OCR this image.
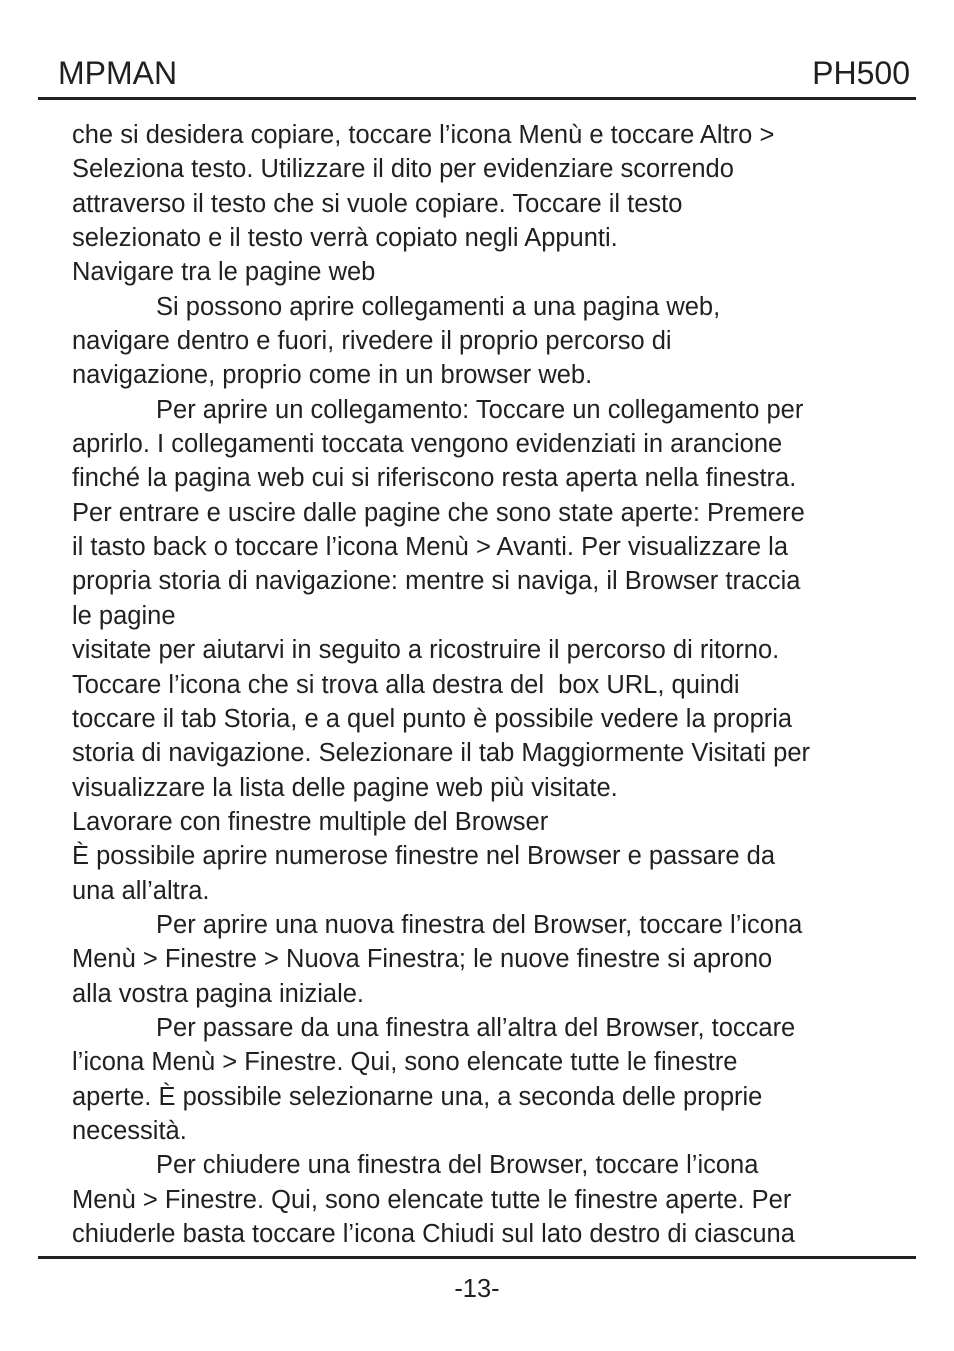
MPMAN	PH500
che si desidera copiare, toccare l’icona Menù e toccare Altro >
Seleziona testo. Utilizzare il dito per evidenziare scorrendo
attraverso il testo che si vuole copiare. Toccare il testo
selezionato e il testo verrà copiato negli Appunti.
Navigare tra le pagine web
Si possono aprire collegamenti a una pagina web,
navigare dentro e fuori, rivedere il proprio percorso di
navigazione, proprio come in un browser web.
Per aprire un collegamento: Toccare un collegamento per
aprirlo. I collegamenti toccata vengono evidenziati in arancione
finché la pagina web cui si riferiscono resta aperta nella finestra.
Per entrare e uscire dalle pagine che sono state aperte: Premere
il tasto back o toccare l’icona Menù > Avanti. Per visualizzare la
propria storia di navigazione: mentre si naviga, il Browser traccia
le pagine
visitate per aiutarvi in seguito a ricostruire il percorso di ritorno.
Toccare l’icona che si trova alla destra del  box URL, quindi
toccare il tab Storia, e a quel punto è possibile vedere la propria
storia di navigazione. Selezionare il tab Maggiormente Visitati per
visualizzare la lista delle pagine web più visitate.
Lavorare con finestre multiple del Browser
È possibile aprire numerose finestre nel Browser e passare da
una all’altra.
Per aprire una nuova finestra del Browser, toccare l’icona
Menù > Finestre > Nuova Finestra; le nuove finestre si aprono
alla vostra pagina iniziale.
Per passare da una finestra all’altra del Browser, toccare
l’icona Menù > Finestre. Qui, sono elencate tutte le finestre
aperte. È possibile selezionarne una, a seconda delle proprie
necessità.
Per chiudere una finestra del Browser, toccare l’icona
Menù > Finestre. Qui, sono elencate tutte le finestre aperte. Per
chiuderle basta toccare l’icona Chiudi sul lato destro di ciascuna
-13-
